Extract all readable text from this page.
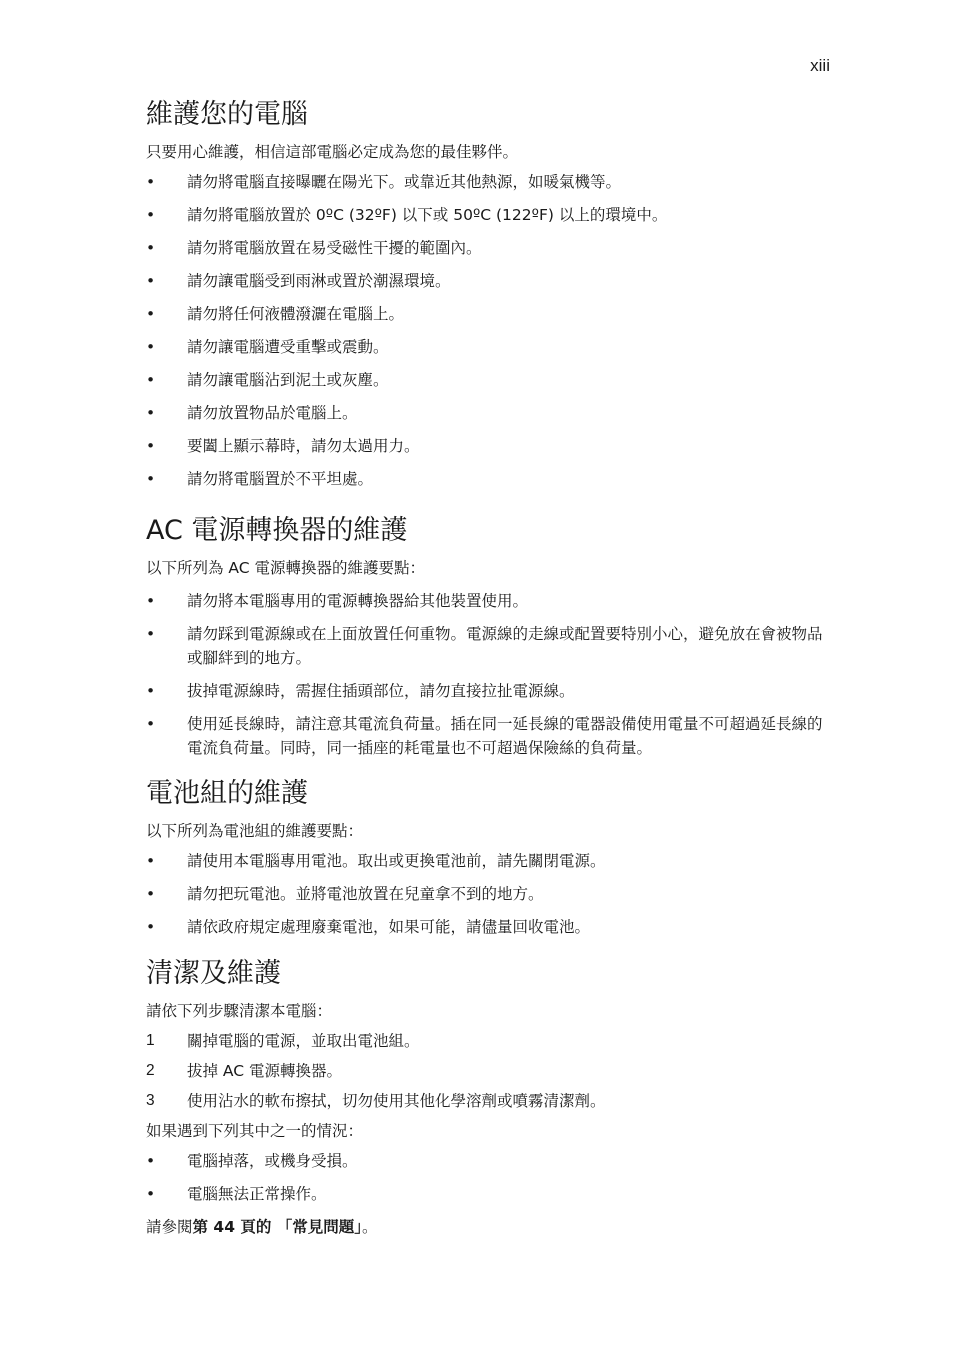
xiii
維護您的電腦

只要用心維護，相信這部電腦必定成為您的最佳夥伴。

• 請勿將電腦直接曝曬在陽光下。或靠近其他熱源，如暖氣機等。
• 請勿將電腦放置於 0ºC (32ºF) 以下或 50ºC (122ºF) 以上的環境中。
• 請勿將電腦放置在易受磁性干擾的範圍內。
• 請勿讓電腦受到雨淋或置於潮濕環境。
• 請勿將任何液體潑灑在電腦上。
• 請勿讓電腦遭受重擊或震動。
• 請勿讓電腦沾到泥土或灰塵。
• 請勿放置物品於電腦上。
• 要闔上顯示幕時，請勿太過用力。
• 請勿將電腦置於不平坦處。
AC 電源轉換器的維護

以下所列為 AC 電源轉換器的維護要點：

• 請勿將本電腦專用的電源轉換器給其他裝置使用。
• 請勿踩到電源線或在上面放置任何重物。電源線的走線或配置要特別小心，避免放在會被物品或腳絆到的地方。
• 拔掉電源線時，需握住插頭部位，請勿直接拉扯電源線。
• 使用延長線時，請注意其電流負荷量。插在同一延長線的電器設備使用電量不可超過延長線的電流負荷量。同時，同一插座的耗電量也不可超過保險絲的負荷量。
電池組的維護

以下所列為電池組的維護要點：

• 請使用本電腦專用電池。取出或更換電池前，請先關閉電源。
• 請勿把玩電池。並將電池放置在兒童拿不到的地方。
• 請依政府規定處理廢棄電池，如果可能，請儘量回收電池。
清潔及維護

請依下列步驟清潔本電腦：

1 關掉電腦的電源，並取出電池組。
2 拔掉 AC 電源轉換器。
3 使用沾水的軟布擦拭，切勿使用其他化學溶劑或噴霧清潔劑。

如果遇到下列其中之一的情況：

• 電腦掉落，或機身受損。
• 電腦無法正常操作。

請參閱第 44 頁的 「常見問題」。
